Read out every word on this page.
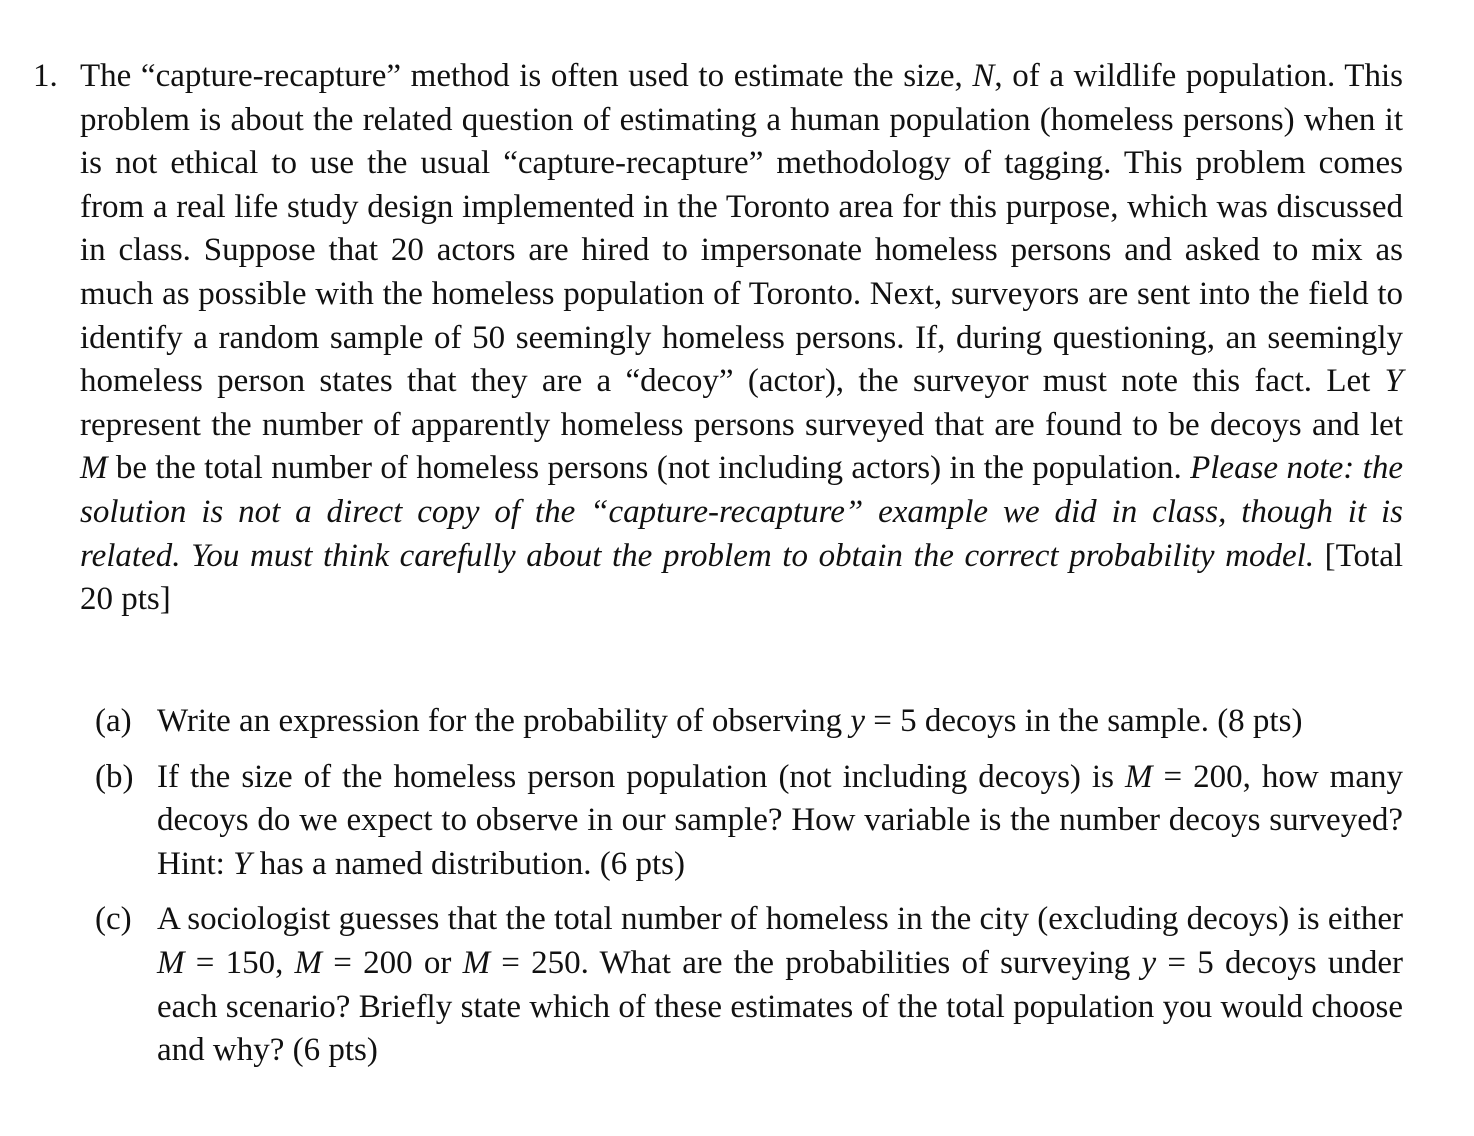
1. The “capture-recapture” method is often used to estimate the size, N, of a wildlife population. This problem is about the related question of estimating a human population (homeless persons) when it is not ethical to use the usual “capture-recapture” methodology of tagging. This problem comes from a real life study design implemented in the Toronto area for this purpose, which was discussed in class. Suppose that 20 actors are hired to impersonate homeless persons and asked to mix as much as possible with the homeless population of Toronto. Next, surveyors are sent into the field to identify a random sample of 50 seemingly homeless persons. If, during questioning, an seemingly homeless person states that they are a “decoy” (actor), the surveyor must note this fact. Let Y represent the number of apparently homeless persons surveyed that are found to be decoys and let M be the total number of homeless persons (not including actors) in the population. Please note: the solution is not a direct copy of the “capture-recapture” example we did in class, though it is related. You must think carefully about the problem to obtain the correct probability model. [Total 20 pts]

(a) Write an expression for the probability of observing y = 5 decoys in the sample. (8 pts)

(b) If the size of the homeless person population (not including decoys) is M = 200, how many decoys do we expect to observe in our sample? How variable is the number decoys surveyed? Hint: Y has a named distribution. (6 pts)

(c) A sociologist guesses that the total number of homeless in the city (excluding decoys) is either M = 150, M = 200 or M = 250. What are the probabilities of surveying y = 5 decoys under each scenario? Briefly state which of these estimates of the total population you would choose and why? (6 pts)
